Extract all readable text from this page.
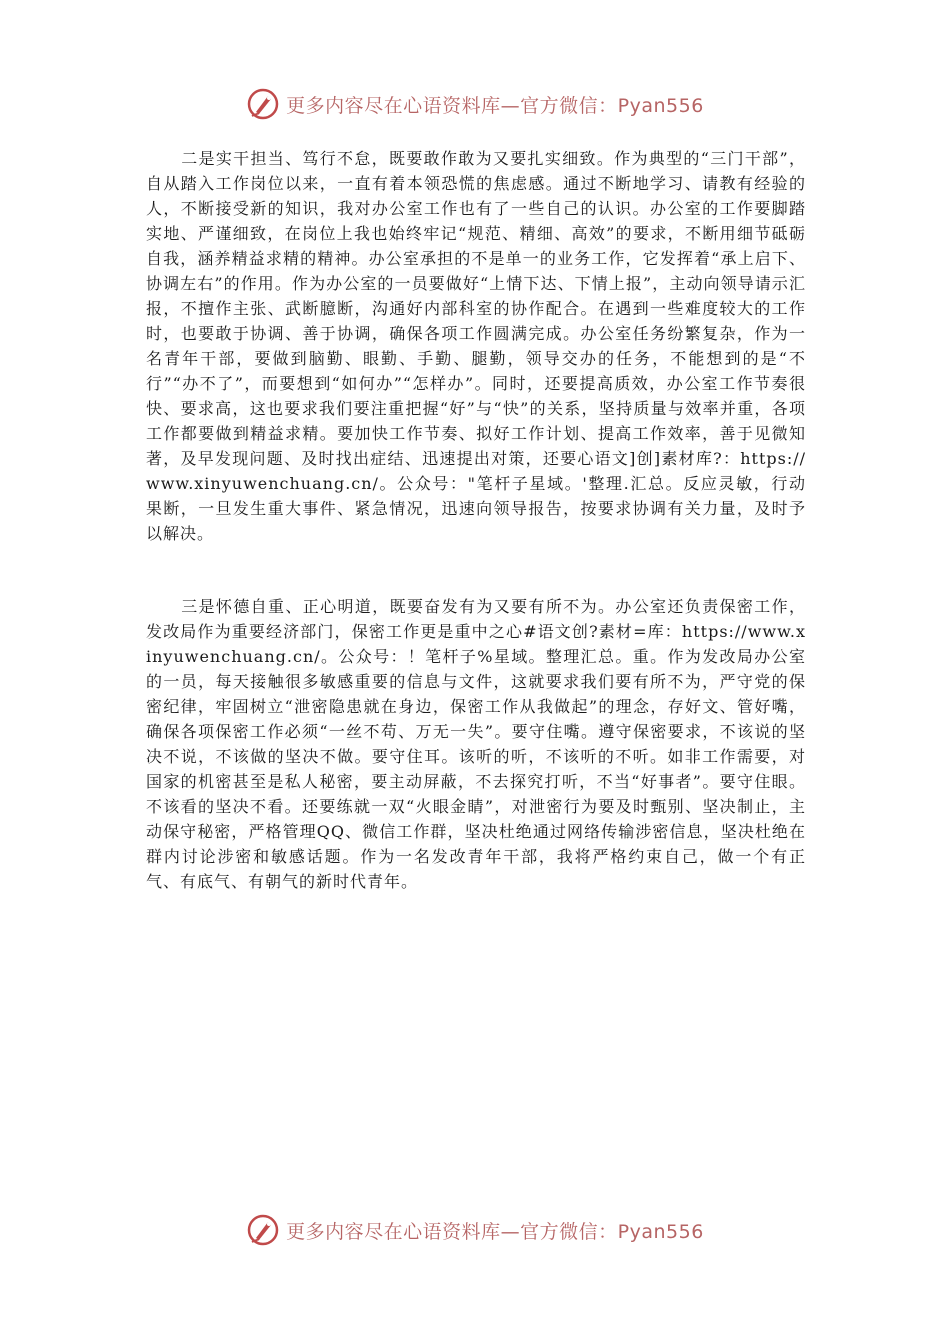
更多内容尽在心语资料库—官方微信：Pyan556

二是实干担当、笃行不怠，既要敢作敢为又要扎实细致。作为典型的“三门干部”，自从踏入工作岗位以来，一直有着本领恐慌的焦虑感。通过不断地学习、请教有经验的人，不断接受新的知识，我对办公室工作也有了一些自己的认识。办公室的工作要脚踏实地、严谨细致，在岗位上我也始终牢记“规范、精细、高效”的要求，不断用细节砥砺自我，涵养精益求精的精神。办公室承担的不是单一的业务工作，它发挥着“承上启下、协调左右”的作用。作为办公室的一员要做好“上情下达、下情上报”，主动向领导请示汇报，不擅作主张、武断臆断，沟通好内部科室的协作配合。在遇到一些难度较大的工作时，也要敢于协调、善于协调，确保各项工作圆满完成。办公室任务纷繁复杂，作为一名青年干部，要做到脑勤、眼勤、手勤、腿勤，领导交办的任务，不能想到的是“不行”“办不了”，而要想到“如何办”“怎样办”。同时，还要提高质效，办公室工作节奏很快、要求高，这也要求我们要注重把握“好”与“快”的关系，坚持质量与效率并重，各项工作都要做到精益求精。要加快工作节奏、拟好工作计划、提高工作效率，善于见微知著，及早发现问题、及时找出症结、迅速提出对策，还要心语文]创]素材库?：https://www.xinyuwenchuang.cn/。公众号："笔杆子星域。'整理.汇总。反应灵敏，行动果断，一旦发生重大事件、紧急情况，迅速向领导报告，按要求协调有关力量，及时予以解决。

三是怀德自重、正心明道，既要奋发有为又要有所不为。办公室还负责保密工作，发改局作为重要经济部门，保密工作更是重中之心#语文创?素材=库：https://www.xinyuwenchuang.cn/。公众号：！笔杆子%星域。整理汇总。重。作为发改局办公室的一员，每天接触很多敏感重要的信息与文件，这就要求我们要有所不为，严守党的保密纪律，牢固树立“泄密隐患就在身边，保密工作从我做起”的理念，存好文、管好嘴，确保各项保密工作必须“一丝不苟、万无一失”。要守住嘴。遵守保密要求，不该说的坚决不说，不该做的坚决不做。要守住耳。该听的听，不该听的不听。如非工作需要，对国家的机密甚至是私人秘密，要主动屏蔽，不去探究打听，不当“好事者”。要守住眼。不该看的坚决不看。还要练就一双“火眼金睛”，对泄密行为要及时甄别、坚决制止，主动保守秘密，严格管理QQ、微信工作群，坚决杜绝通过网络传输涉密信息，坚决杜绝在群内讨论涉密和敏感话题。作为一名发改青年干部，我将严格约束自己，做一个有正气、有底气、有朝气的新时代青年。

更多内容尽在心语资料库—官方微信：Pyan556
